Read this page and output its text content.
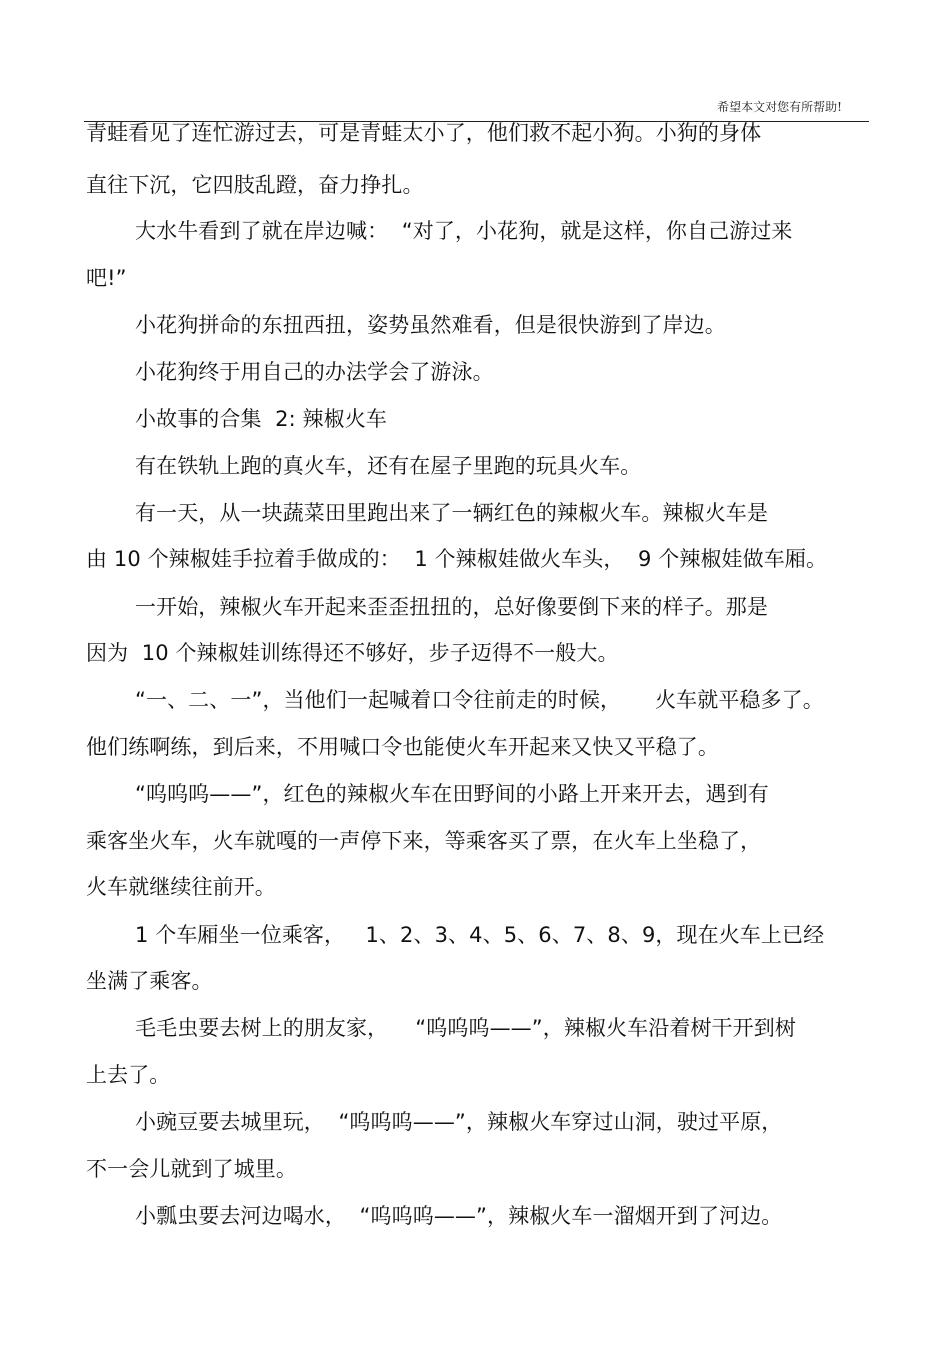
希望本文对您有所帮助!
青蛙看见了连忙游过去，可是青蛙太小了，他们救不起小狗。小狗的身体
直往下沉，它四肢乱蹬，奋力挣扎。
大水牛看到了就在岸边喊：  “对了，小花狗，就是这样，你自己游过来
吧!”
小花狗拼命的东扭西扭，姿势虽然难看，但是很快游到了岸边。
小花狗终于用自己的办法学会了游泳。
小故事的合集  2: 辣椒火车
有在铁轨上跑的真火车，还有在屋子里跑的玩具火车。
有一天，从一块蔬菜田里跑出来了一辆红色的辣椒火车。辣椒火车是
由 10 个辣椒娃手拉着手做成的：  1 个辣椒娃做火车头，  9 个辣椒娃做车厢。
一开始，辣椒火车开起来歪歪扭扭的，总好像要倒下来的样子。那是
因为  10 个辣椒娃训练得还不够好，步子迈得不一般大。
“一、二、一”，当他们一起喊着口令往前走的时候，     火车就平稳多了。
他们练啊练，到后来，不用喊口令也能使火车开起来又快又平稳了。
“呜呜呜——”，红色的辣椒火车在田野间的小路上开来开去，遇到有
乘客坐火车，火车就嘎的一声停下来，等乘客买了票，在火车上坐稳了，
火车就继续往前开。
1 个车厢坐一位乘客，   1、2、3、4、5、6、7、8、9，现在火车上已经
坐满了乘客。
毛毛虫要去树上的朋友家，    “呜呜呜——”，辣椒火车沿着树干开到树
上去了。
小豌豆要去城里玩，  “呜呜呜——”，辣椒火车穿过山洞，驶过平原，
不一会儿就到了城里。
小瓢虫要去河边喝水，  “呜呜呜——”，辣椒火车一溜烟开到了河边。
